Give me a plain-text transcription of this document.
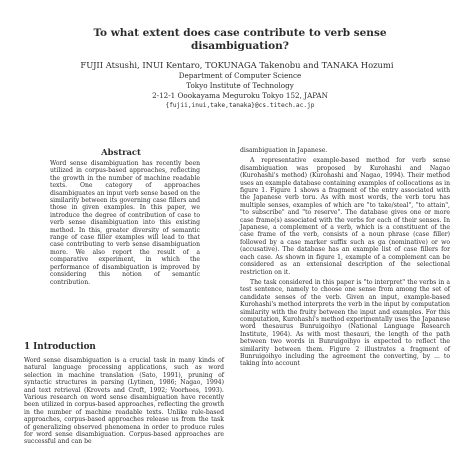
To what extent does case contribute to verb sense disambiguation?
FUJII Atsushi, INUI Kentaro, TOKUNAGA Takenobu and TANAKA Hozumi
Department of Computer Science
Tokyo Institute of Technology
2-12-1 Oookayama Meguroku Tokyo 152, JAPAN
{fujii,inui,take,tanaka}@cs.titech.ac.jp
Abstract

Word sense disambiguation has recently been utilized in corpus-based approaches, reflecting the growth in the number of machine readable texts. One category of approaches disambiguates an input verb sense based on the similarity between its governing case fillers and those in given examples. In this paper, we introduce the degree of contribution of case to verb sense disambiguation into this existing method. In this, greater diversity of semantic range of case filler examples will lead to that case contributing to verb sense disambiguation more. We also report the result of a comparative experiment, in which the performance of disambiguation is improved by considering this notion of semantic contribution.

1 Introduction

Word sense disambiguation is a crucial task in many kinds of natural language processing applications, such as word selection in machine translation (Sato, 1991), pruning of syntactic structures in parsing (Lytinen, 1986; Nagao, 1994) and text retrieval (Krovets and Croft, 1992; Voorhees, 1993). Various research on word sense disambiguation have recently been utilized in corpus-based approaches, reflecting the growth in the number of machine readable texts. Unlike rule-based approaches, corpus-based approaches release us from the task of generalizing observed phenomena in order to produce rules for word sense disambiguation. Corpus-based approaches are successful and can be

disambiguation in Japanese.

A representative example-based method for verb sense disambiguation was proposed by Kurohashi and Nagao (Kurohashi's method) (Kurohashi and Nagao, 1994). Their method uses an example database containing examples of collocations as in figure 1. Figure 1 shows a fragment of the entry associated with the Japanese verb toru. As with most words, the verb toru has multiple senses, examples of which are "to take/steal", "to attain", "to subscribe" and "to reserve". The database gives one or more case frame(s) associated with the verbs for each of their senses. In Japanese, a complement of a verb, which is a constituent of the case frame of the verb, consists of a noun phrase (case filler) followed by a case marker suffix such as ga (nominative) or wo (accusative). The database has an example list of case fillers for each case. As shown in figure 1, example of a complement can be considered as an extensional description of the selectional restriction on it.

The task considered in this paper is "to interpret" the verbs in a test sentence, namely to choose one sense from among the set of candidate senses of the verb. Given an input, example-based Kurohashi's method interprets the verb in the input by computation similarity with the fruity between the input and examples. For this computation, Kurohashi's method experimentally uses the Japanese word thesaurus Bunruigoihyo (National Language Research Institute, 1964). As with most thesauri, the length of the path between two words in Bunruigoihyo is expected to reflect the similarity between them. Figure 2 illustrates a fragment of Bunruigoihyo including the agreement the converting, by ... to taking into account
